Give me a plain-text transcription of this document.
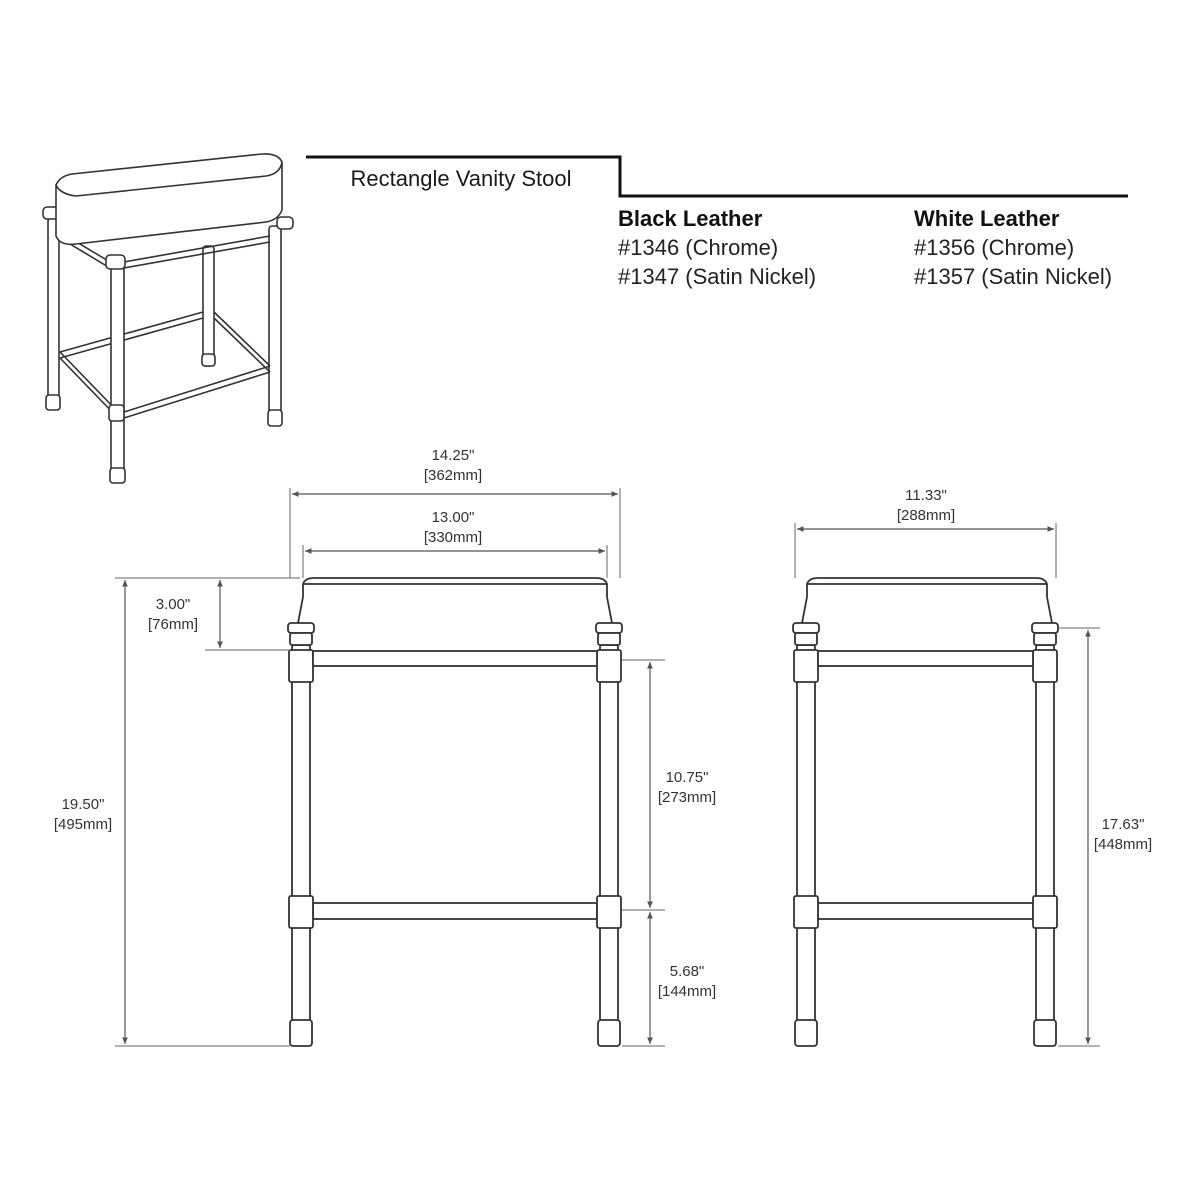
Rectangle Vanity Stool
Black Leather
#1346 (Chrome)
#1347 (Satin Nickel)
White Leather
#1356 (Chrome)
#1357 (Satin Nickel)
14.25"
[362mm]
13.00"
[330mm]
11.33"
[288mm]
3.00"
[76mm]
19.50"
[495mm]
10.75"
[273mm]
5.68"
[144mm]
17.63"
[448mm]
